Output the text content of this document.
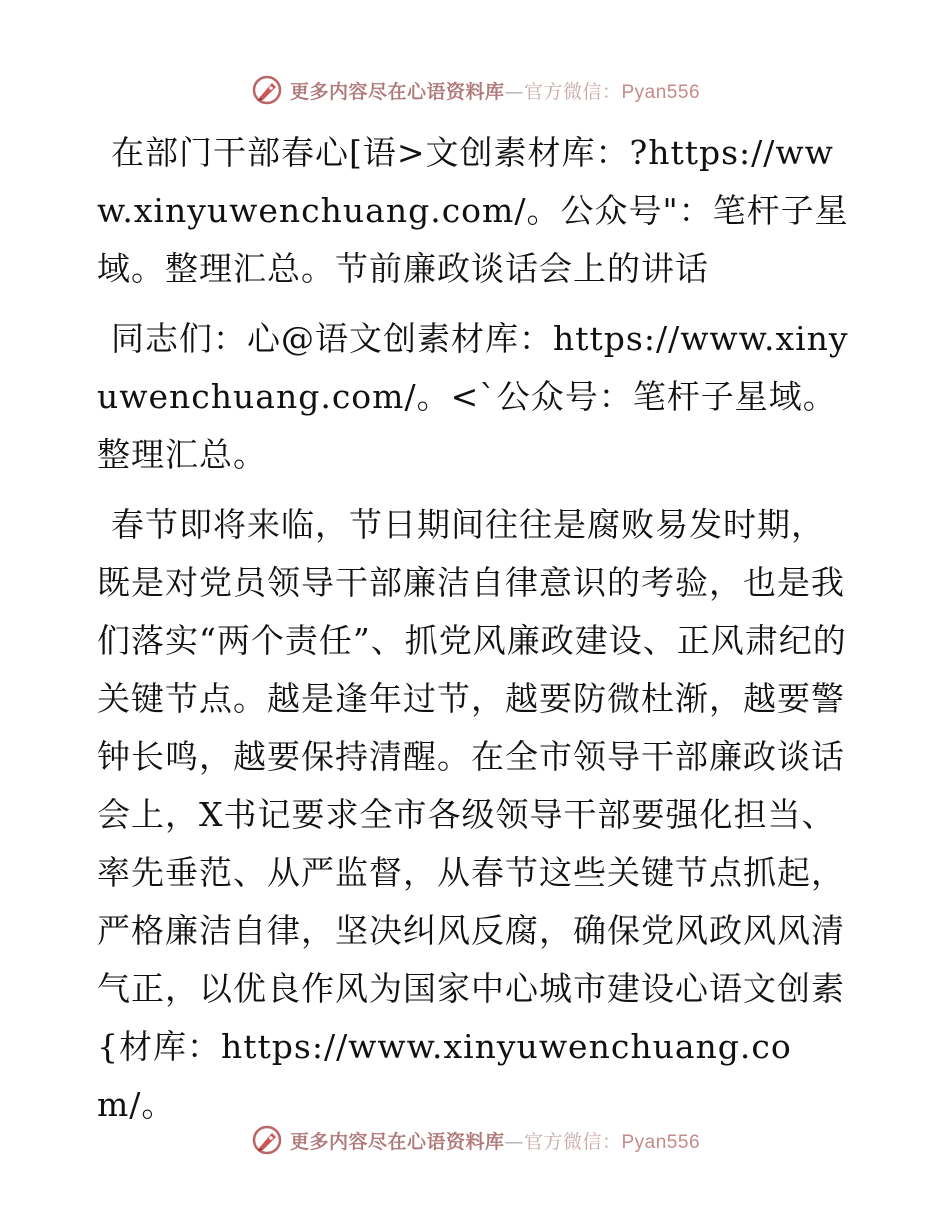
更多内容尽在心语资料库—官方微信：Pyan556

在部门干部春心[语>文创素材库：?https://www.xinyuwenchuang.com/。公众号"：笔杆子星域。整理汇总。节前廉政谈话会上的讲话

同志们：心@语文创素材库：https://www.xinyuwenchuang.com/。<`公众号：笔杆子星域。整理汇总。

春节即将来临，节日期间往往是腐败易发时期，既是对党员领导干部廉洁自律意识的考验，也是我们落实“两个责任”、抓党风廉政建设、正风肃纪的关键节点。越是逢年过节，越要防微杜渐，越要警钟长鸣，越要保持清醒。在全市领导干部廉政谈话会上，X书记要求全市各级领导干部要强化担当、率先垂范、从严监督，从春节这些关键节点抓起，严格廉洁自律，坚决纠风反腐，确保党风政风风清气正，以优良作风为国家中心城市建设心语文创素{材库：https://www.xinyuwenchuang.com/。

更多内容尽在心语资料库—官方微信：Pyan556
